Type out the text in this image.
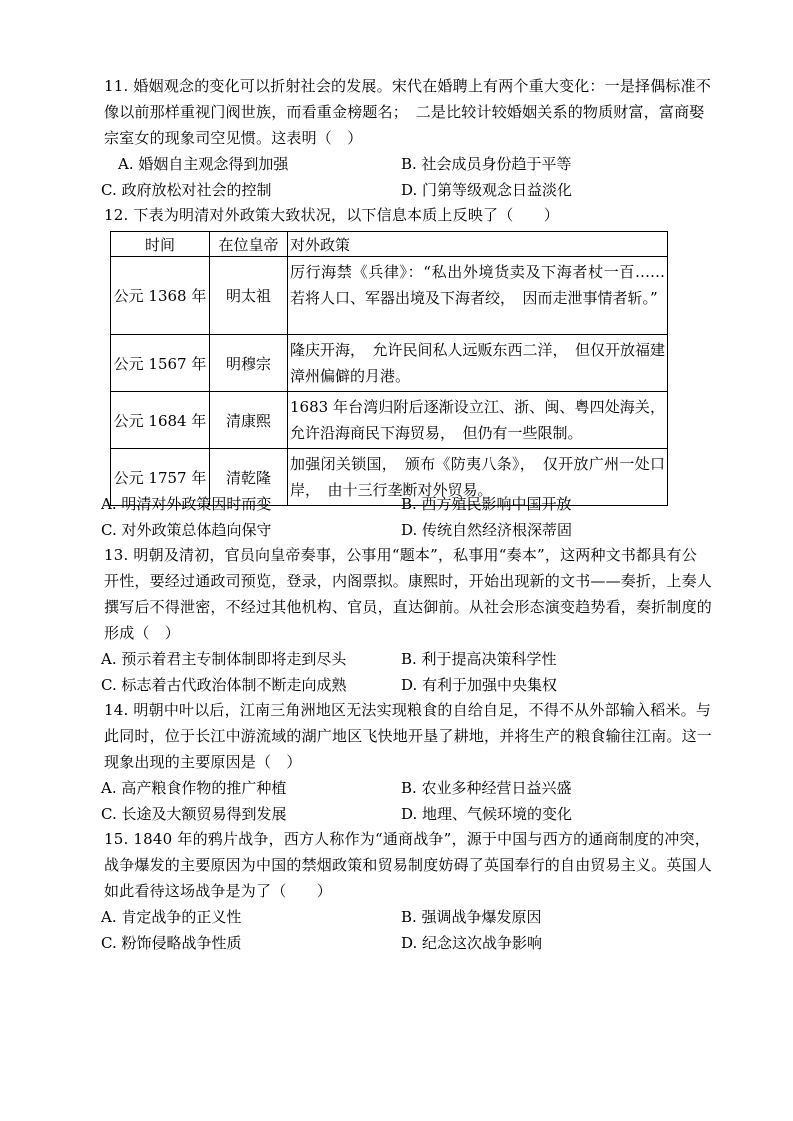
11. 婚姻观念的变化可以折射社会的发展。宋代在婚聘上有两个重大变化：一是择偶标准不
像以前那样重视门阀世族，而看重金榜题名；　二是比较计较婚姻关系的物质财富，富商娶
宗室女的现象司空见惯。这表明（　）
A. 婚姻自主观念得到加强	B. 社会成员身份趋于平等
C. 政府放松对社会的控制	D. 门第等级观念日益淡化
12. 下表为明清对外政策大致状况，以下信息本质上反映了（　　）
时间	在位皇帝	对外政策
公元 1368 年	明太祖	厉行海禁《兵律》：“私出外境货卖及下海者杖一百……若将人口、军器出境及下海者绞，　因而走泄事情者斩。”
公元 1567 年	明穆宗	隆庆开海，　允许民间私人远贩东西二洋，　但仅开放福建漳州偏僻的月港。
公元 1684 年	清康熙	1683 年台湾归附后逐渐设立江、浙、闽、粤四处海关，允许沿海商民下海贸易，　但仍有一些限制。
公元 1757 年	清乾隆	加强闭关锁国，　颁布《防夷八条》，　仅开放广州一处口岸，　由十三行垄断对外贸易。
A. 明清对外政策因时而变	B. 西方殖民影响中国开放
C. 对外政策总体趋向保守	D. 传统自然经济根深蒂固
13. 明朝及清初，官员向皇帝奏事，公事用“题本”，私事用“奏本”，这两种文书都具有公
开性，要经过通政司预览，登录，内阁票拟。康熙时，开始出现新的文书——奏折，上奏人
撰写后不得泄密，不经过其他机构、官员，直达御前。从社会形态演变趋势看，奏折制度的
形成（　）
A. 预示着君主专制体制即将走到尽头	B. 利于提高决策科学性
C. 标志着古代政治体制不断走向成熟	D. 有利于加强中央集权
14. 明朝中叶以后，江南三角洲地区无法实现粮食的自给自足，不得不从外部输入稻米。与
此同时，位于长江中游流域的湖广地区飞快地开垦了耕地，并将生产的粮食输往江南。这一
现象出现的主要原因是（　）
A. 高产粮食作物的推广种植	B. 农业多种经营日益兴盛
C. 长途及大额贸易得到发展	D. 地理、气候环境的变化
15. 1840 年的鸦片战争，西方人称作为“通商战争”，源于中国与西方的通商制度的冲突，
战争爆发的主要原因为中国的禁烟政策和贸易制度妨碍了英国奉行的自由贸易主义。英国人
如此看待这场战争是为了（　　）
A. 肯定战争的正义性	B. 强调战争爆发原因
C. 粉饰侵略战争性质	D. 纪念这次战争影响
